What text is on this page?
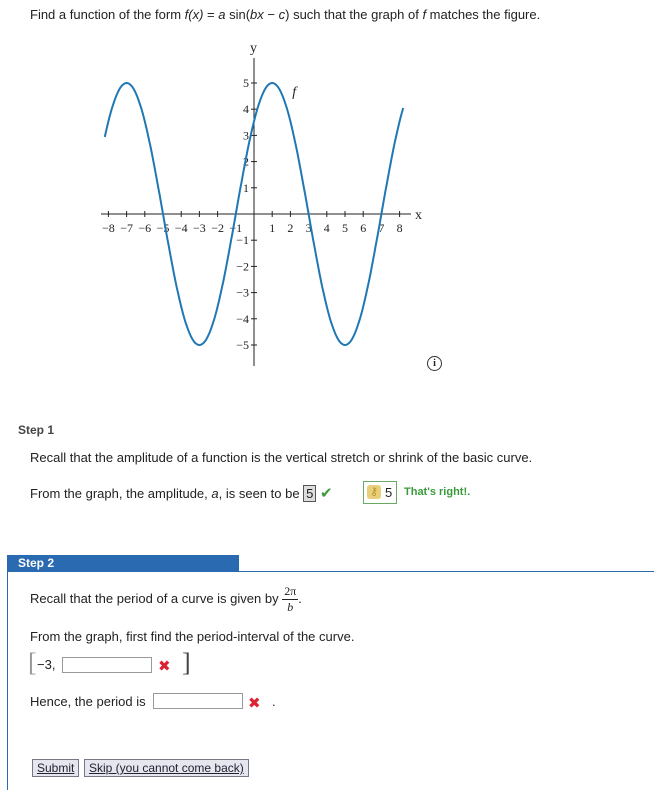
Find a function of the form f(x) = a sin(bx − c) such that the graph of f matches the figure.
−8 −7 −6 −5 −4 −3 −2 −1 1 2 3 4 5 6 7 8
1
2
3
4
5
−1
−2
−3
−4
−5
x
y
f
i
Step 1
Recall that the amplitude of a function is the vertical stretch or shrink of the basic curve.
From the graph, the amplitude, a, is seen to be 5 ✔	⚷ 5 That's right!.
Step 2
Recall that the period of a curve is given by $\frac{2\pi}{b}$ .
From the graph, first find the period-interval of the curve.
[ −3,	✖ ]
Hence, the period is	✖ .
Submit	Skip (you cannot come back)
